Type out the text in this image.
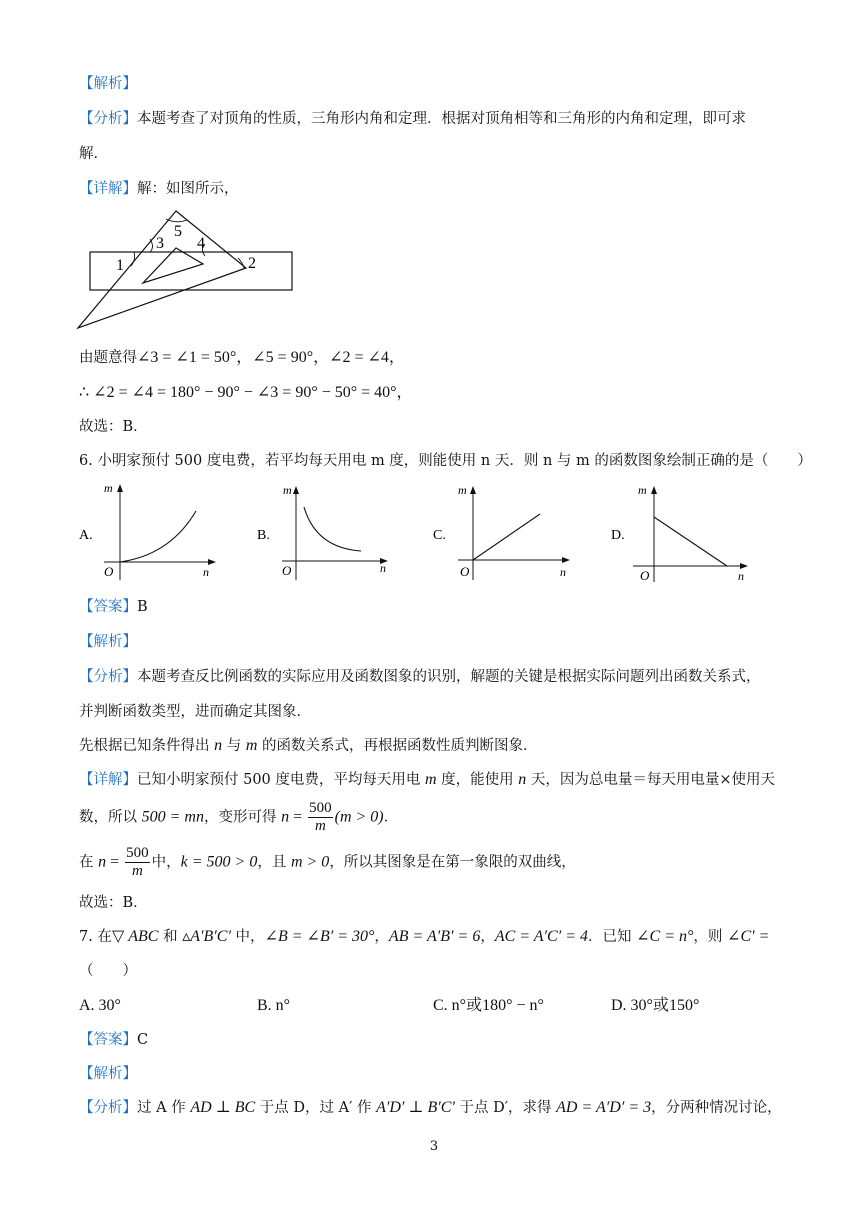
【解析】
【分析】本题考查了对顶角的性质，三角形内角和定理．根据对顶角相等和三角形的内角和定理，即可求
解．
【详解】解：如图所示，
1
3
5
4
2
由题意得∠3 = ∠1 = 50°，∠5 = 90°，∠2 = ∠4，
∴ ∠2 = ∠4 = 180° − 90° − ∠3 = 90° − 50° = 40°，
故选：B．
6. 小明家预付 500 度电费，若平均每天用电 m 度，则能使用 n 天．则 n 与 m 的函数图象绘制正确的是（　　）
A.
m
n
O
B.
m
n
O
C.
m
n
O
D.
m
n
O
【答案】B
【解析】
【分析】本题考查反比例函数的实际应用及函数图象的识别，解题的关键是根据实际问题列出函数关系式，
并判断函数类型，进而确定其图象．
先根据已知条件得出 n 与 m 的函数关系式，再根据函数性质判断图象．
【详解】已知小明家预付 500 度电费，平均每天用电 m 度，能使用 n 天，因为总电量＝每天用电量×使用天
数，所以 500 = mn，变形可得 $n = \frac{500}{m} (m > 0)$．
在 $n = \frac{500}{m}$ 中，k = 500 > 0，且 m > 0，所以其图象是在第一象限的双曲线，
故选：B．
7. 在▽ ABC 和 ▵A′B′C′ 中，∠B = ∠B′ = 30°，AB = A′B′ = 6，AC = A′C′ = 4．已知 ∠C = n°，则 ∠C′ =
（　　）
A. 30°	B. n°	C. n°或180° − n°	D. 30°或150°
【答案】C
【解析】
【分析】过 A 作 AD ⊥ BC 于点 D，过 A′ 作 A′D′ ⊥ B′C′ 于点 D′，求得 AD = A′D′ = 3，分两种情况讨论，
3
